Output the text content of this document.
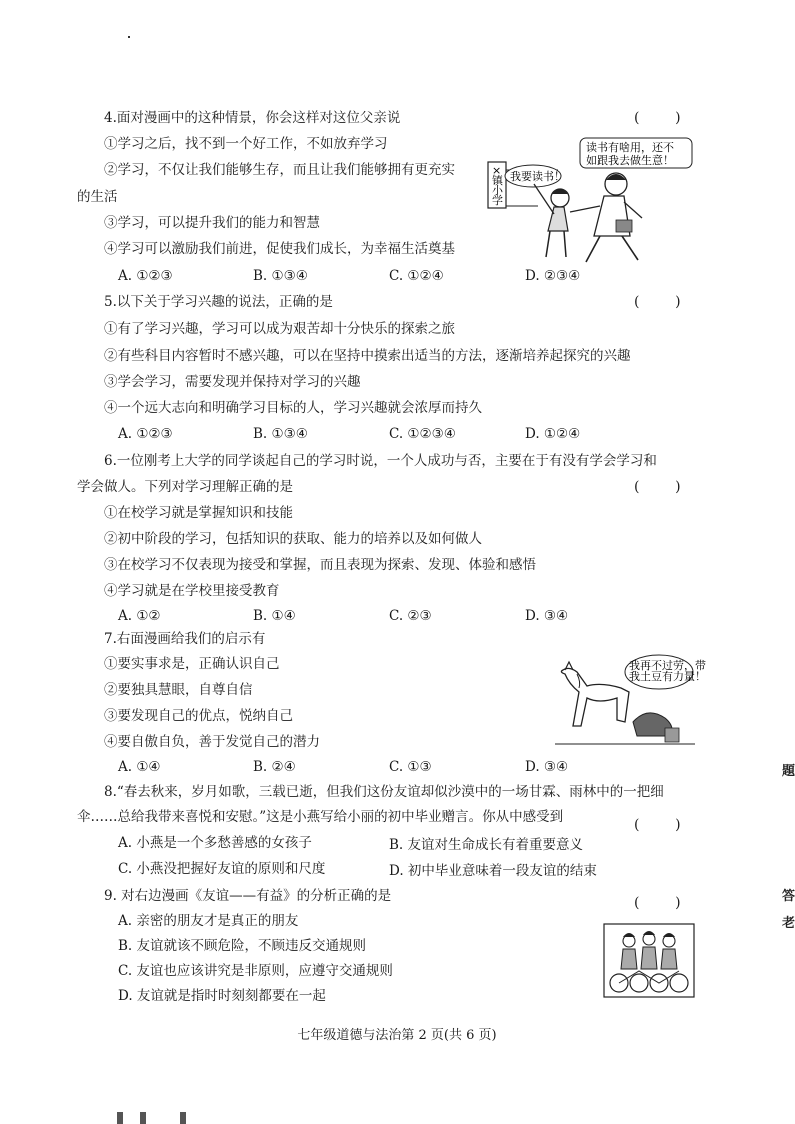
4.面对漫画中的这种情景，你会这样对这位父亲说	(        )
①学习之后，找不到一个好工作，不如放弃学习
②学习，不仅让我们能够生存，而且让我们能够拥有更充实
的生活
③学习，可以提升我们的能力和智慧
④学习可以激励我们前进，促使我们成长，为幸福生活奠基
A. ①②③	B. ①③④	C. ①②④	D. ②③④
×
镇
小
学
我要读书！
读书有啥用，还不
如跟我去做生意！
5.以下关于学习兴趣的说法，正确的是	(        )
①有了学习兴趣，学习可以成为艰苦却十分快乐的探索之旅
②有些科目内容暂时不感兴趣，可以在坚持中摸索出适当的方法，逐渐培养起探究的兴趣
③学会学习，需要发现并保持对学习的兴趣
④一个远大志向和明确学习目标的人，学习兴趣就会浓厚而持久
A. ①②③	B. ①③④	C. ①②③④	D. ①②④
6.一位刚考上大学的同学谈起自己的学习时说，一个人成功与否，主要在于有没有学会学习和
学会做人。下列对学习理解正确的是	(        )
①在校学习就是掌握知识和技能
②初中阶段的学习，包括知识的获取、能力的培养以及如何做人
③在校学习不仅表现为接受和掌握，而且表现为探索、发现、体验和感悟
④学习就是在学校里接受教育
A. ①②	B. ①④	C. ②③	D. ③④
7.右面漫画给我们的启示有
①要实事求是，正确认识自己
②要独具慧眼，自尊自信
③要发现自己的优点，悦纳自己
④要自傲自负，善于发觉自己的潜力
A. ①④	B. ②④	C. ①③	D. ③④
我再不过劳，带
我土豆有力量！
8.“春去秋来，岁月如歌，三载已逝，但我们这份友谊却似沙漠中的一场甘霖、雨林中的一把细
伞……总给我带来喜悦和安慰。”这是小燕写给小丽的初中毕业赠言。你从中感受到	(        )
A. 小燕是一个多愁善感的女孩子	B. 友谊对生命成长有着重要意义
C. 小燕没把握好友谊的原则和尺度	D. 初中毕业意味着一段友谊的结束
9. 对右边漫画《友谊——有益》的分析正确的是	(        )
A. 亲密的朋友才是真正的朋友
B. 友谊就该不顾危险，不顾违反交通规则
C. 友谊也应该讲究是非原则，应遵守交通规则
D. 友谊就是指时时刻刻都要在一起
七年级道德与法治第 2 页(共 6 页)
題
答
老
